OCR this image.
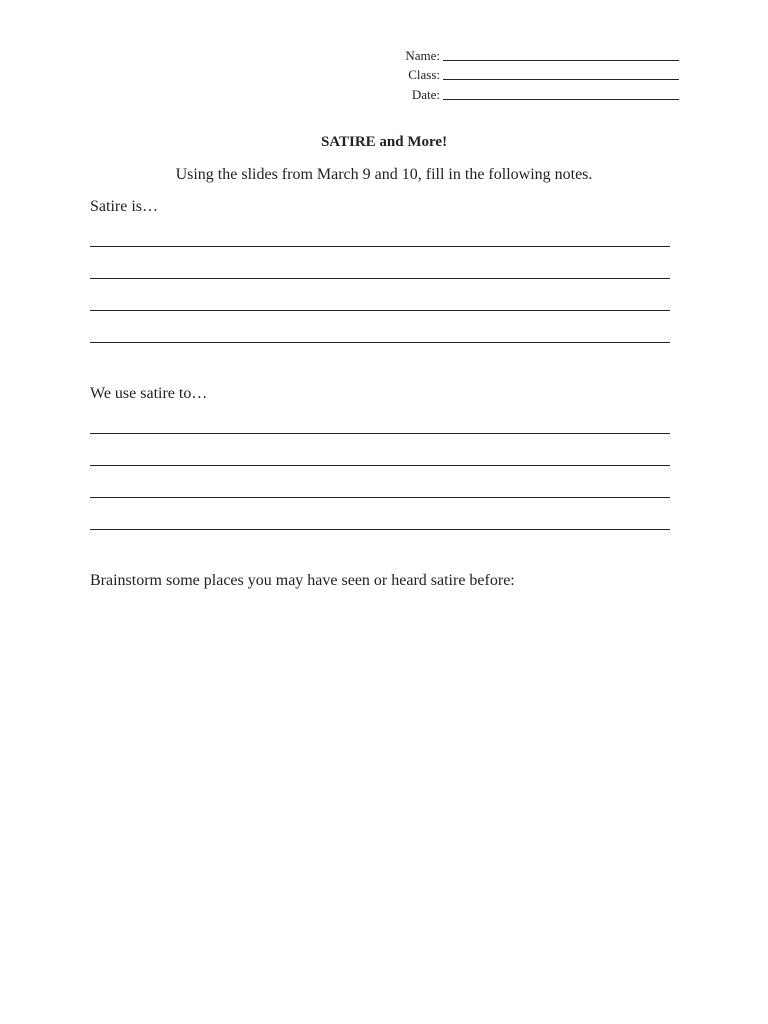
Name:
Class:
Date:
SATIRE and More!
Using the slides from March 9 and 10, fill in the following notes.
Satire is…
We use satire to…
Brainstorm some places you may have seen or heard satire before:
